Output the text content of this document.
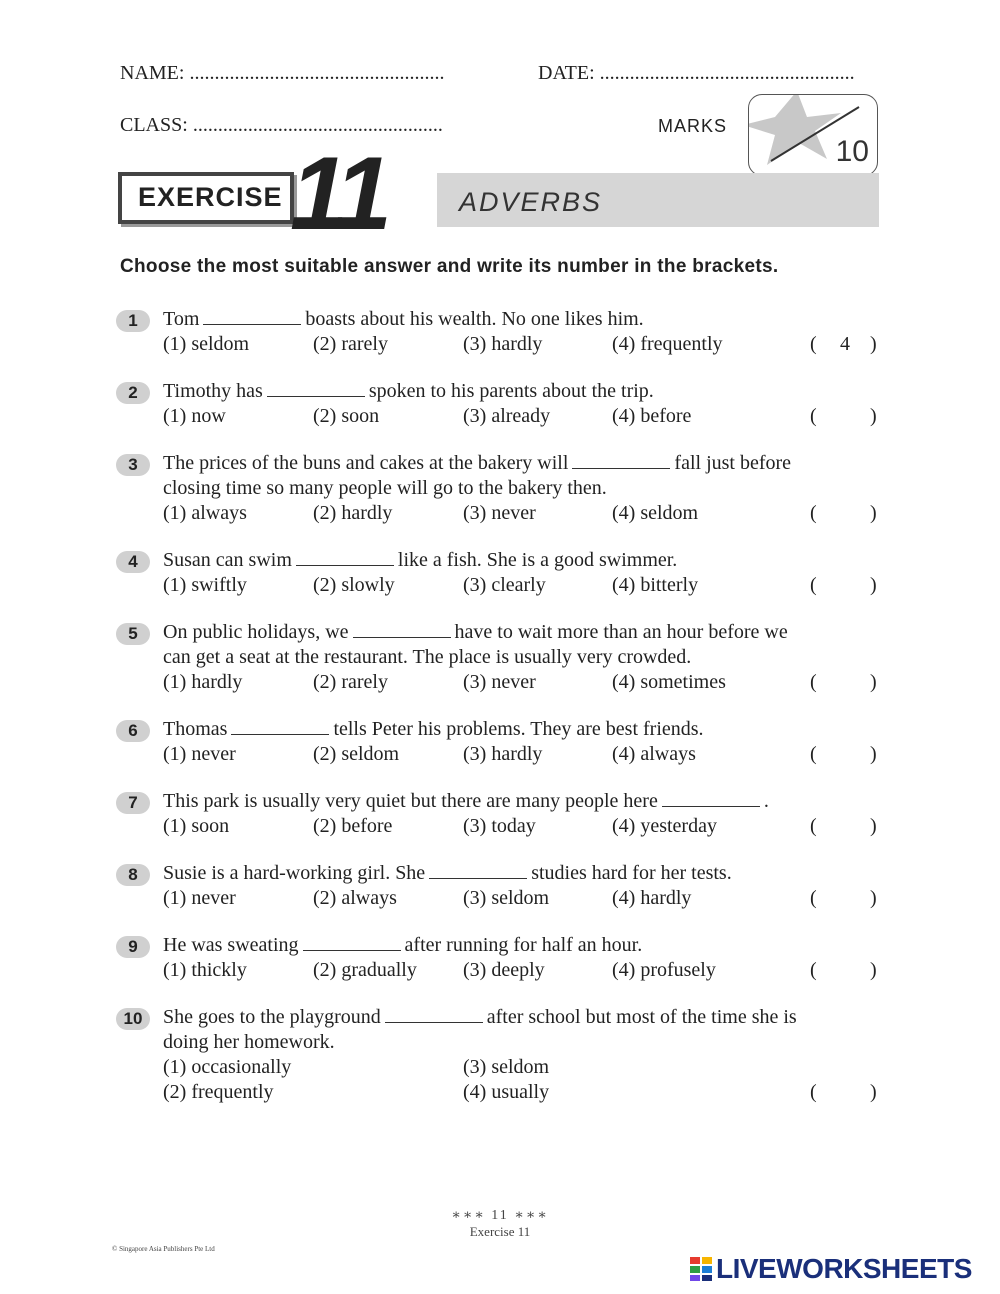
NAME: ...................................................	DATE: ...................................................
CLASS: ..................................................	MARKS
10
EXERCISE 11	ADVERBS
Choose the most suitable answer and write its number in the brackets.
1	Tom	boasts about his wealth. No one likes him.
(1) seldom	(2) rarely	(3) hardly	(4) frequently	( 4 )
2	Timothy has	spoken to his parents about the trip.
(1) now	(2) soon	(3) already	(4) before	(	)
3	The prices of the buns and cakes at the bakery will	fall just before
closing time so many people will go to the bakery then.
(1) always	(2) hardly	(3) never	(4) seldom	(	)
4	Susan can swim	like a fish. She is a good swimmer.
(1) swiftly	(2) slowly	(3) clearly	(4) bitterly	(	)
5	On public holidays, we	have to wait more than an hour before we
can get a seat at the restaurant. The place is usually very crowded.
(1) hardly	(2) rarely	(3) never	(4) sometimes	(	)
6	Thomas	tells Peter his problems. They are best friends.
(1) never	(2) seldom	(3) hardly	(4) always	(	)
7	This park is usually very quiet but there are many people here	.
(1) soon	(2) before	(3) today	(4) yesterday	(	)
8	Susie is a hard-working girl. She	studies hard for her tests.
(1) never	(2) always	(3) seldom	(4) hardly	(	)
9	He was sweating	after running for half an hour.
(1) thickly	(2) gradually (3) deeply	(4) profusely	(	)
10	She goes to the playground	after school but most of the time she is
doing her homework.
(1) occasionally	(3) seldom
(2) frequently	(4) usually	(	)
∗∗∗ 11 ∗∗∗
Exercise 11
© Singapore Asia Publishers Pte Ltd
LIVEWORKSHEETS
